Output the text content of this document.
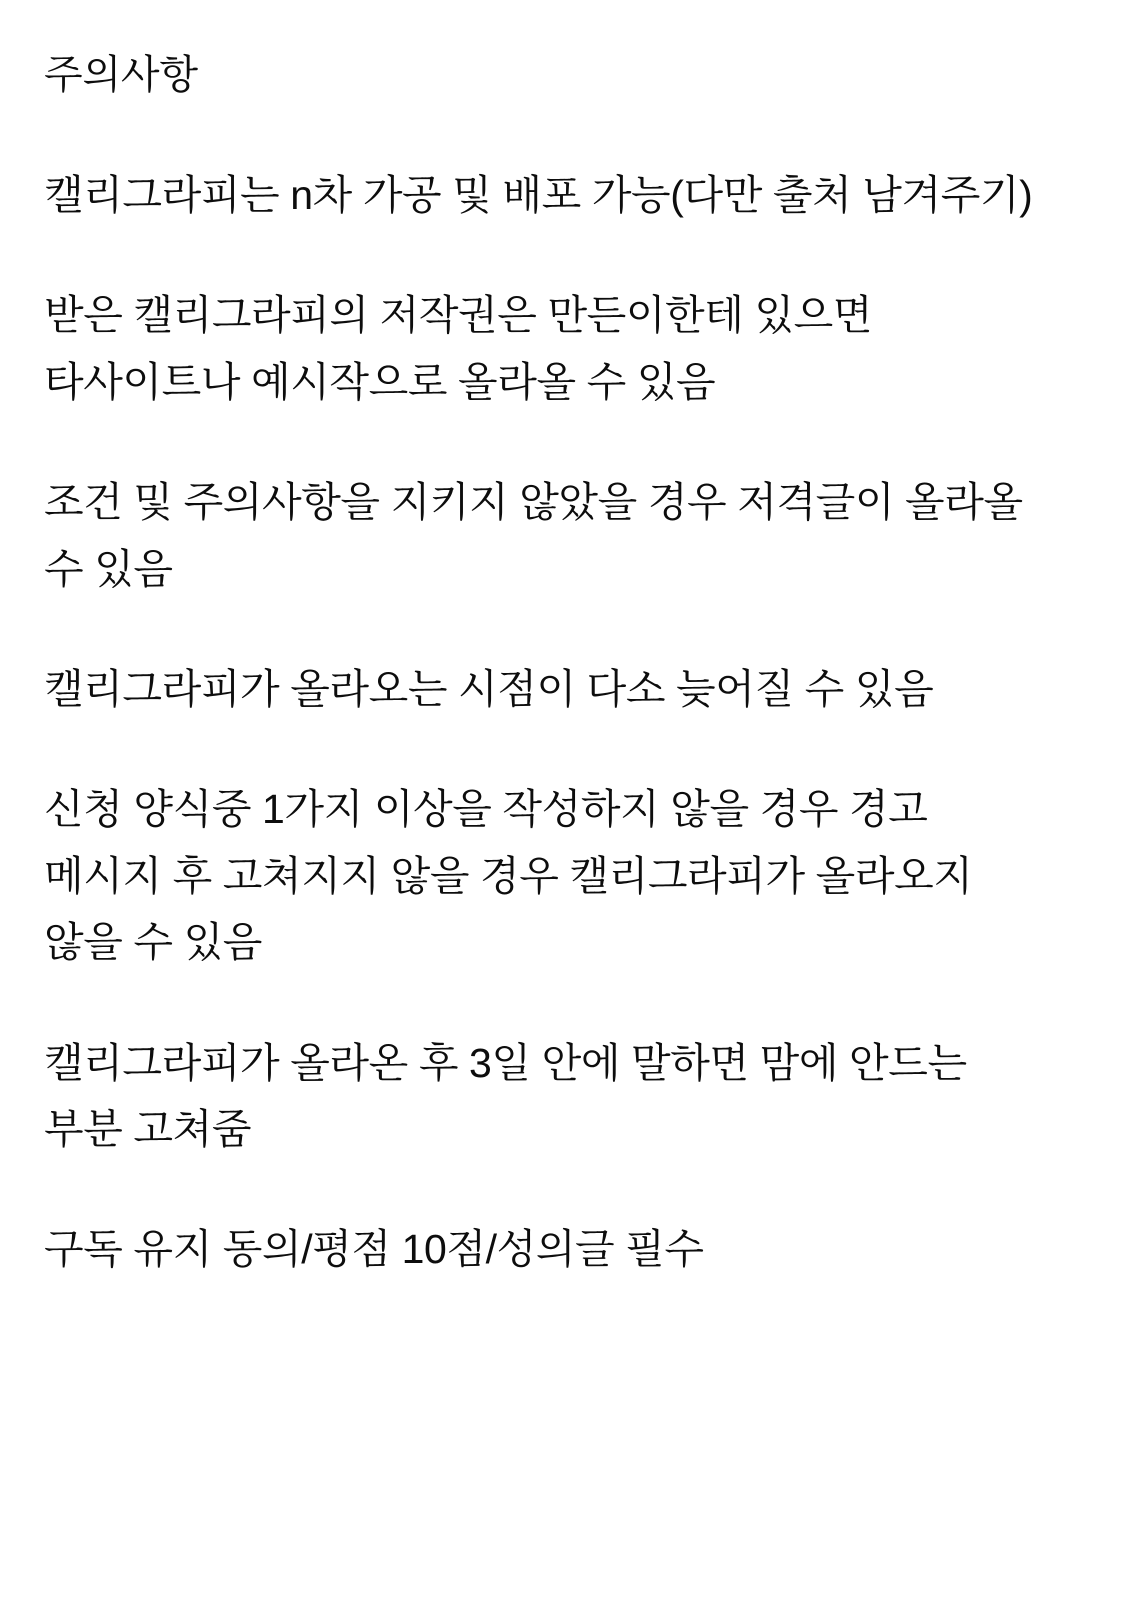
주의사항

캘리그라피는 n차 가공 및 배포 가능(다만 출처 남겨주기)

받은 캘리그라피의 저작권은 만든이한테 있으면 타사이트나 예시작으로 올라올 수 있음

조건 및 주의사항을 지키지 않았을 경우 저격글이 올라올 수 있음

캘리그라피가 올라오는 시점이 다소 늦어질 수 있음

신청 양식중 1가지 이상을 작성하지 않을 경우 경고 메시지 후 고쳐지지 않을 경우 캘리그라피가 올라오지 않을 수 있음

캘리그라피가 올라온 후 3일 안에 말하면 맘에 안드는 부분 고쳐줌

구독 유지 동의/평점 10점/성의글 필수
